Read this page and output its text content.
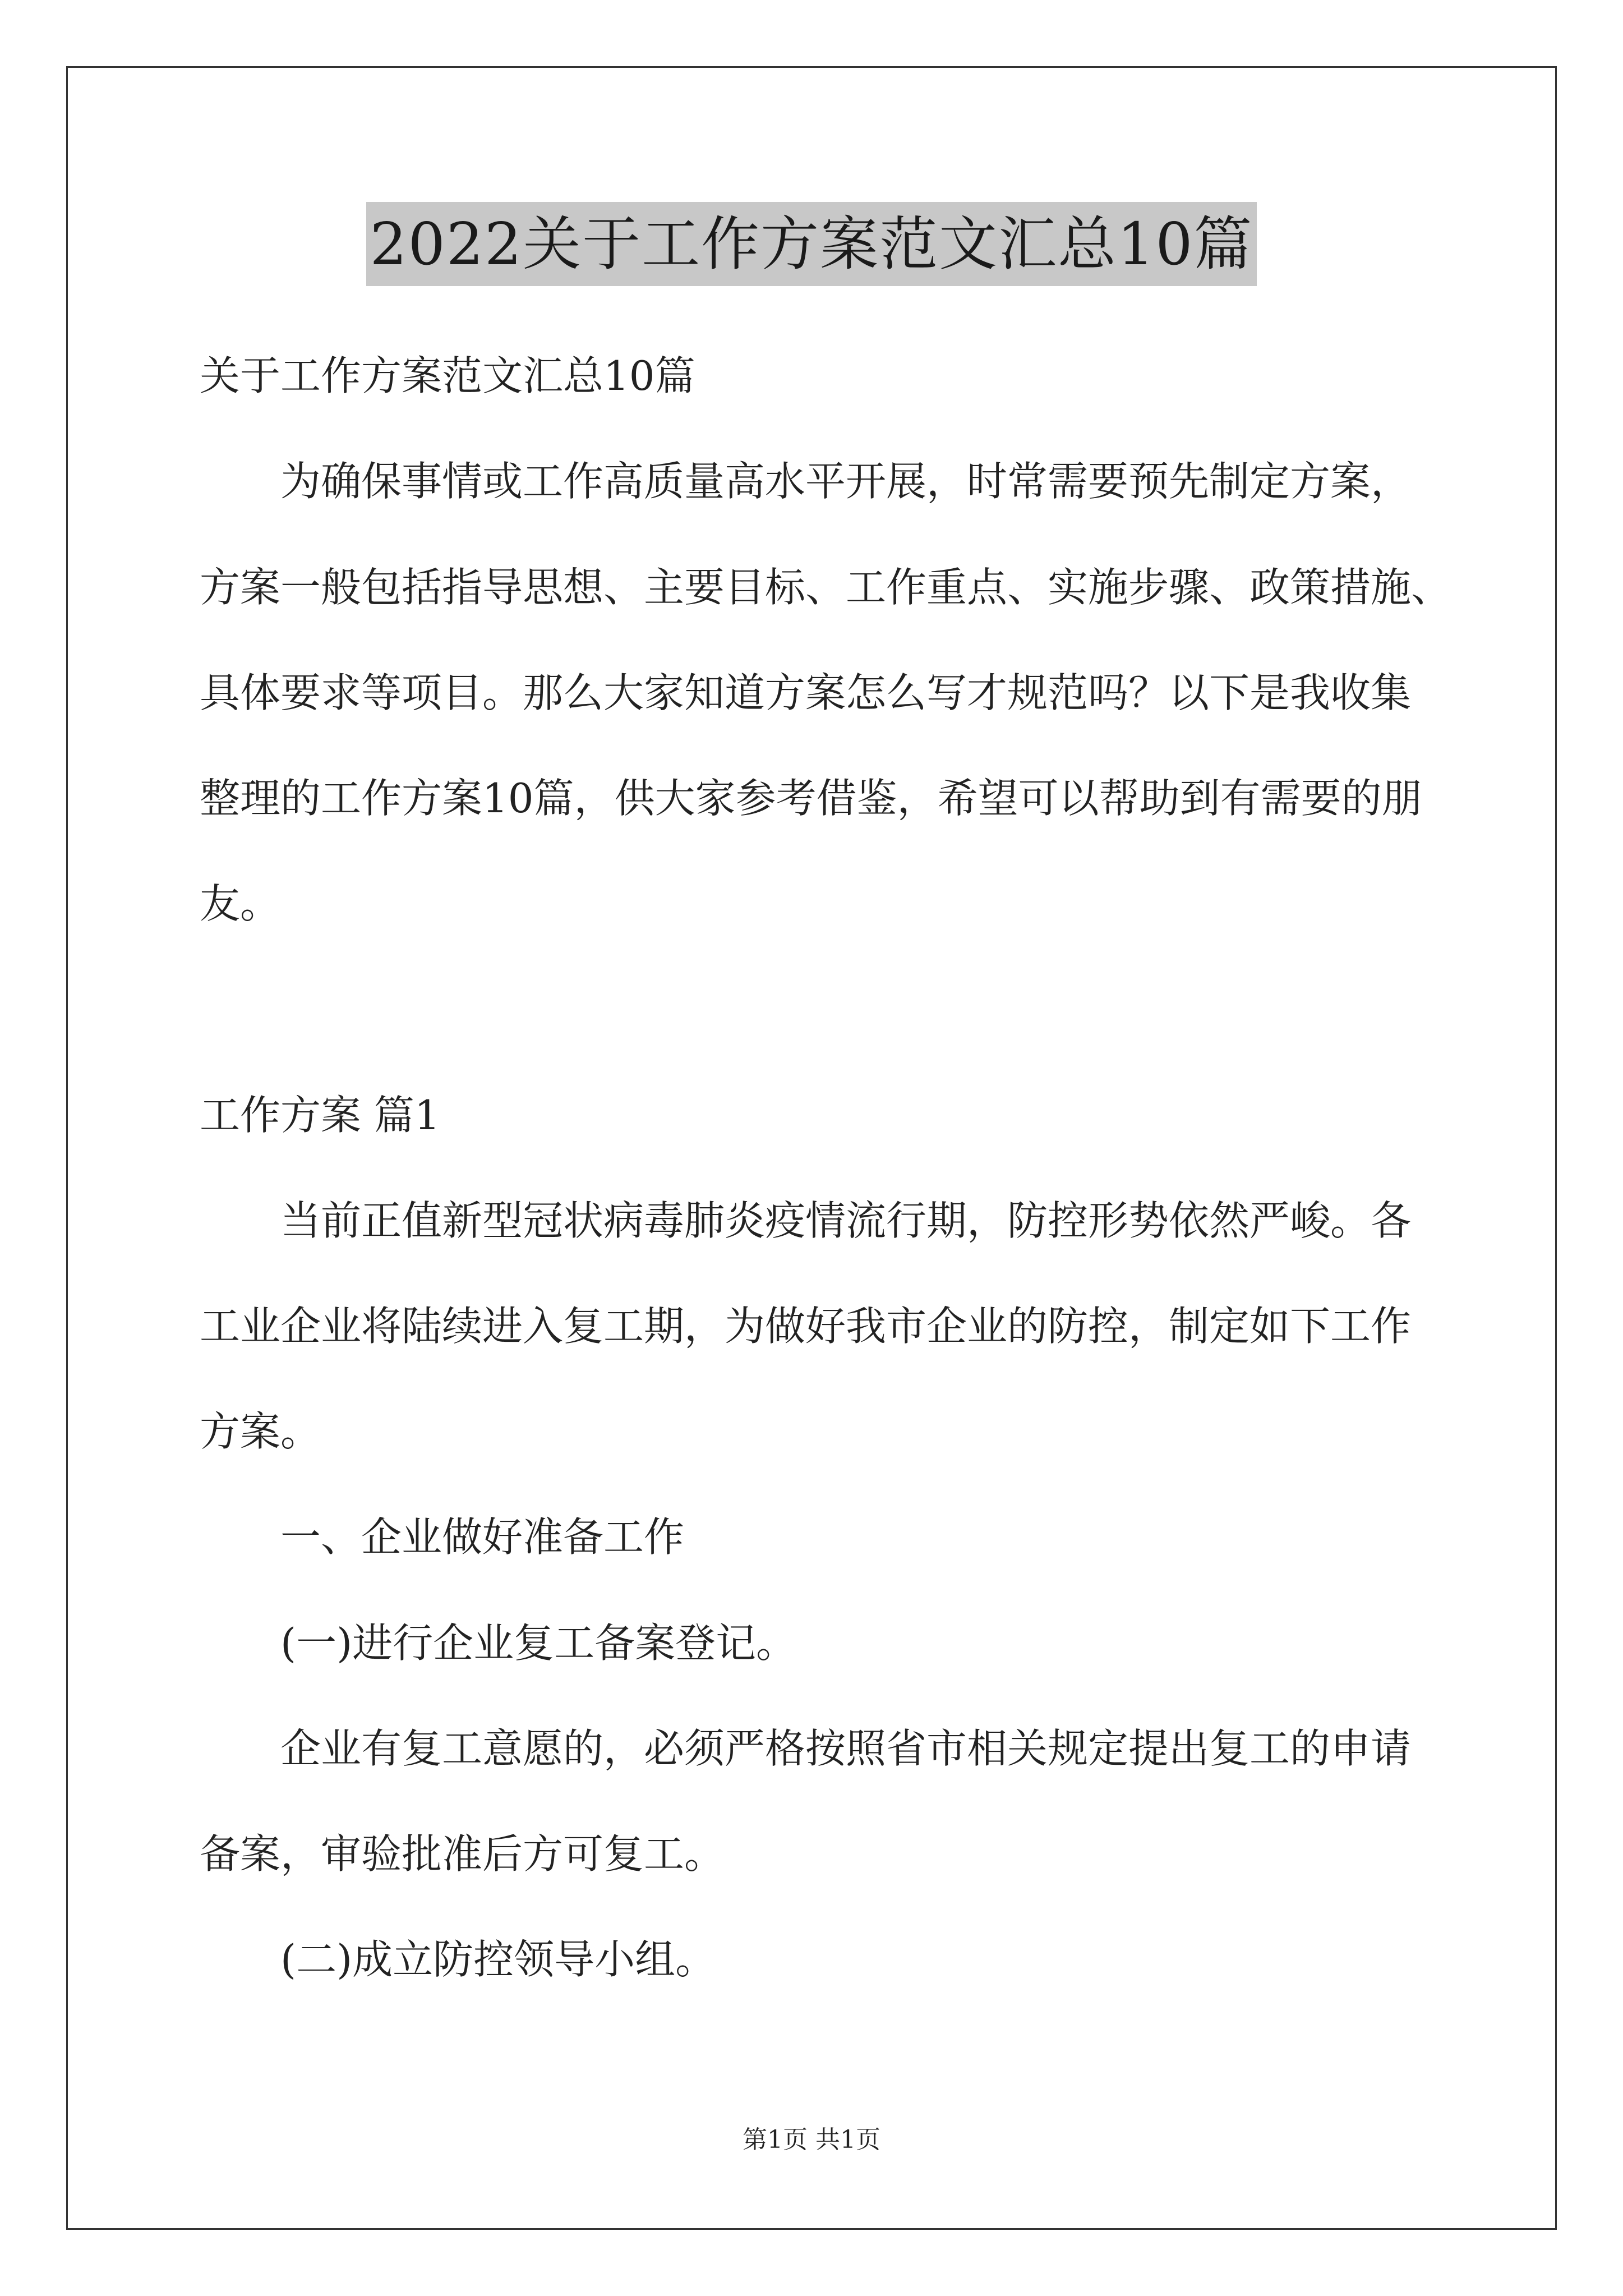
2022关于工作方案范文汇总10篇
关于工作方案范文汇总10篇
为确保事情或工作高质量高水平开展，时常需要预先制定方案，
方案一般包括指导思想、主要目标、工作重点、实施步骤、政策措施、
具体要求等项目。那么大家知道方案怎么写才规范吗？以下是我收集
整理的工作方案10篇，供大家参考借鉴，希望可以帮助到有需要的朋
友。
工作方案 篇1
当前正值新型冠状病毒肺炎疫情流行期，防控形势依然严峻。各
工业企业将陆续进入复工期，为做好我市企业的防控，制定如下工作
方案。
一、企业做好准备工作
(一)进行企业复工备案登记。
企业有复工意愿的，必须严格按照省市相关规定提出复工的申请
备案，审验批准后方可复工。
(二)成立防控领导小组。
第1页 共1页
